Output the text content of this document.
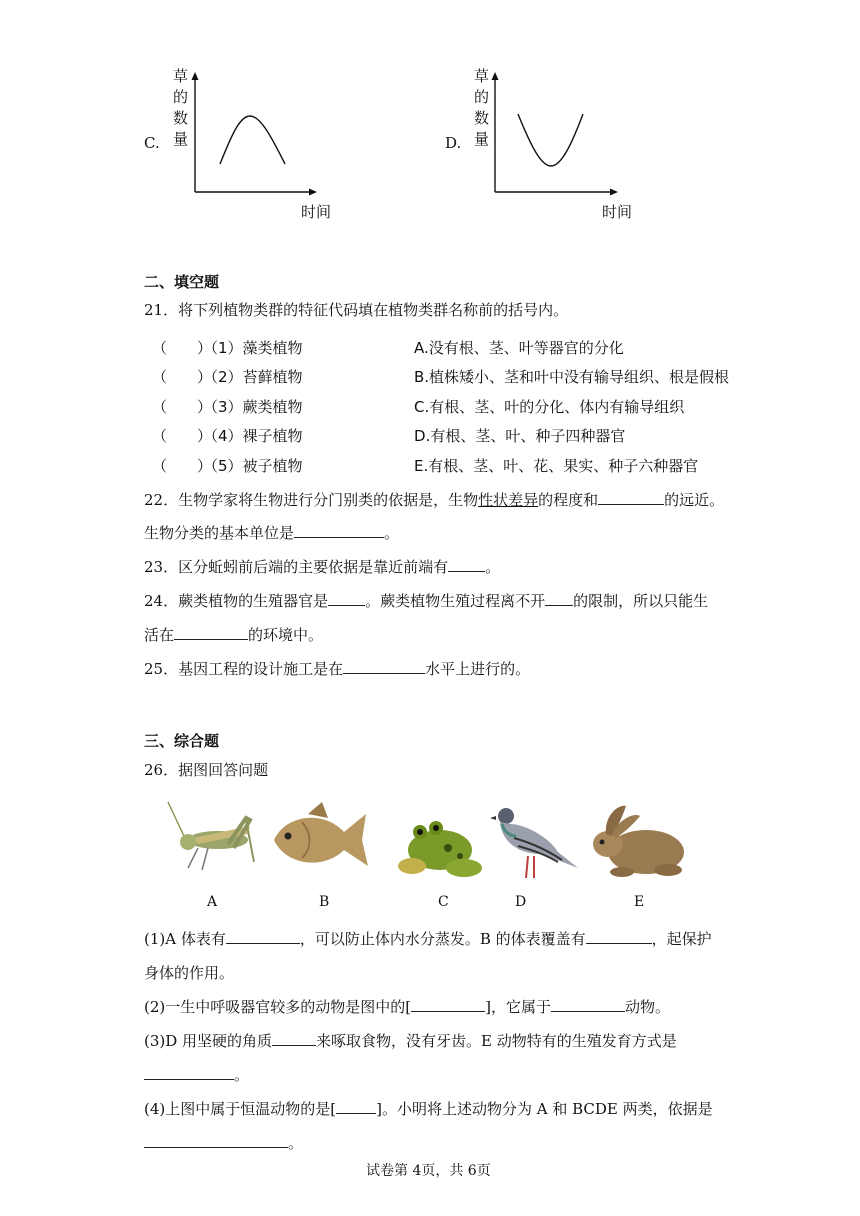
C.
草
的
数
量
时间
D.
草
的
数
量
时间
二、填空题
21．将下列植物类群的特征代码填在植物类群名称前的括号内。
（　　）
（1）藻类植物	A.没有根、茎、叶等器官的分化
（　　）
（2）苔藓植物	B.植株矮小、茎和叶中没有输导组织、根是假根
（　　）
（3）蕨类植物	C.有根、茎、叶的分化、体内有输导组织
（　　）
（4）裸子植物	D.有根、茎、叶、种子四种器官
（　　）
（5）被子植物	E.有根、茎、叶、花、果实、种子六种器官
22．生物学家将生物进行分门别类的依据是，生物性状差异的程度和	的远近。
生物分类的基本单位是	。
23．区分蚯蚓前后端的主要依据是靠近前端有 。
24．蕨类植物的生殖器官是 。蕨类植物生殖过程离不开 的限制，所以只能生
活在	的环境中。
25．基因工程的设计施工是在	水平上进行的。
三、综合题
26．据图回答问题
A	B	C	D	E
(1)A 体表有	，可以防止体内水分蒸发。B 的体表覆盖有	，起保护
身体的作用。
(2)一生中呼吸器官较多的动物是图中的[	]，它属于	动物。
(3)D 用坚硬的角质	来啄取食物，没有牙齿。E 动物特有的生殖发育方式是
。
(4)上图中属于恒温动物的是[	]。小明将上述动物分为 A 和 BCDE 两类，依据是
。
试卷第 4页，共 6页
